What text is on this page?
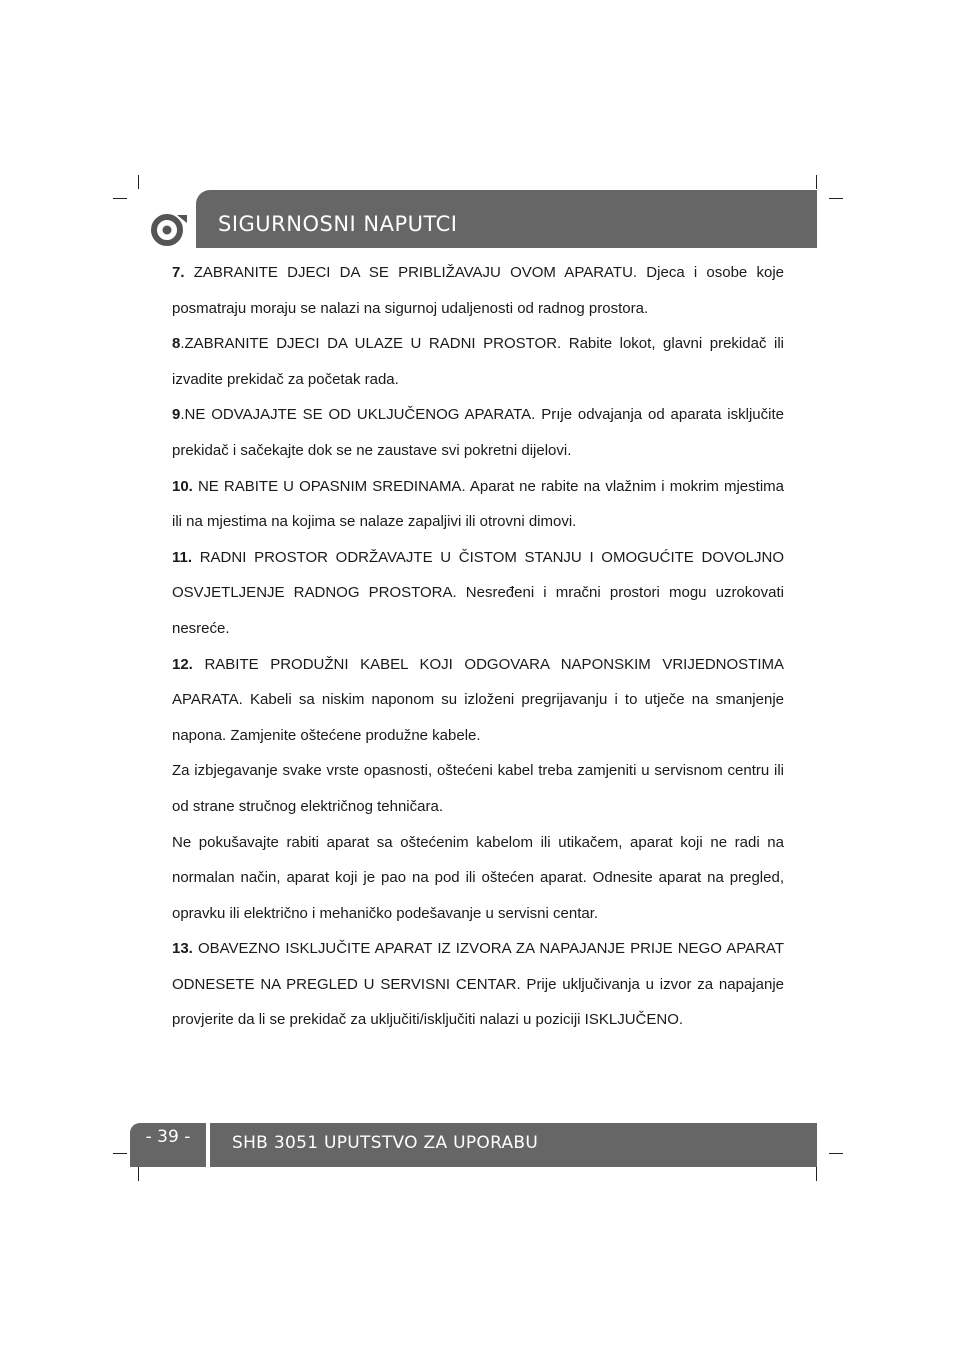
SIGURNOSNI NAPUTCI

7. ZABRANITE DJECI DA SE PRIBLIŽAVAJU OVOM APARATU. Djeca i osobe koje posmatraju moraju se nalazi na sigurnoj udaljenosti od radnog prostora.

8.ZABRANITE DJECI DA ULAZE U RADNI PROSTOR. Rabite lokot, glavni prekidač ili izvadite prekidač za početak rada.

9.NE ODVAJAJTE SE OD UKLJUČENOG APARATA. Prıje odvajanja od aparata isključite prekidač i sačekajte dok se ne zaustave svi pokretni dijelovi.

10. NE RABITE U OPASNIM SREDINAMA. Aparat ne rabite na vlažnim i mokrim mjestima ili na mjestima na kojima se nalaze zapaljivi ili otrovni dimovi.

11. RADNI PROSTOR ODRŽAVAJTE U ČISTOM STANJU I OMOGUĆITE DOVOLJNO OSVJETLJENJE RADNOG PROSTORA. Nesređeni i mračni prostori mogu uzrokovati nesreće.

12. RABITE PRODUŽNI KABEL KOJI ODGOVARA NAPONSKIM VRIJEDNOSTIMA APARATA. Kabeli sa niskim naponom su izloženi pregrijavanju i to utječe na smanjenje napona. Zamjenite oštećene produžne kabele.

Za izbjegavanje svake vrste opasnosti, oštećeni kabel treba zamjeniti u servisnom centru ili od strane stručnog električnog tehničara.

Ne pokušavajte rabiti aparat sa oštećenim kabelom ili utikačem, aparat koji ne radi na normalan način, aparat koji je pao na pod ili oštećen aparat. Odnesite aparat na pregled, opravku ili električno i mehaničko podešavanje u servisni centar.

13. OBAVEZNO ISKLJUČITE APARAT IZ IZVORA ZA NAPAJANJE PRIJE NEGO APARAT ODNESETE NA PREGLED U SERVISNI CENTAR. Prije uključivanja u izvor za napajanje provjerite da li se prekidač za uključiti/isključiti nalazi u poziciji ISKLJUČENO.

- 39 -	SHB 3051 UPUTSTVO ZA UPORABU
